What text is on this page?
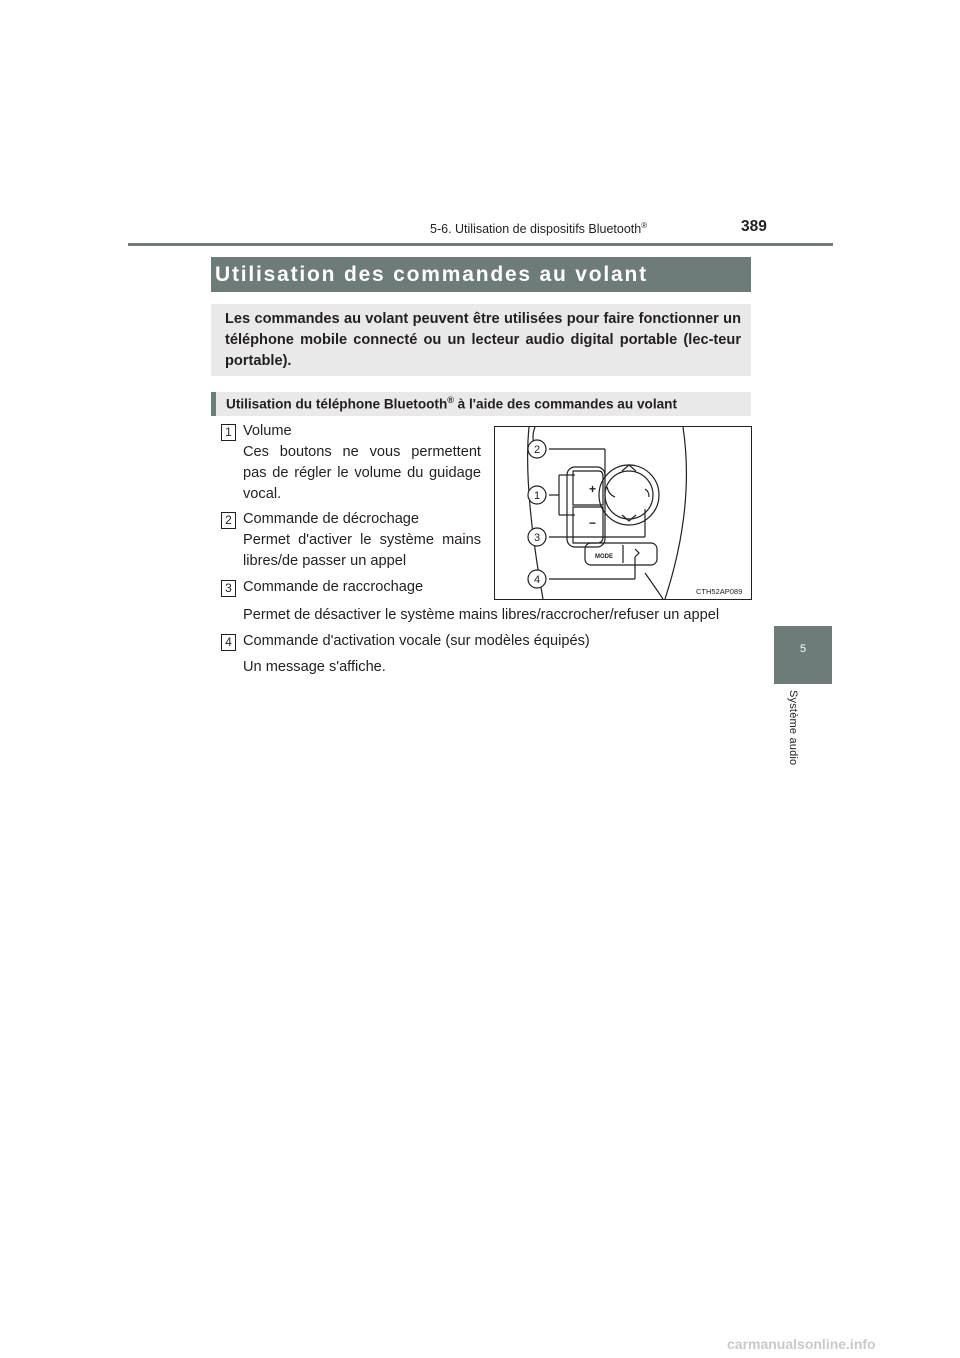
5-6. Utilisation de dispositifs Bluetooth®	389
5
Système audio
Utilisation des commandes au volant
Les commandes au volant peuvent être utilisées pour faire fonctionner un téléphone mobile connecté ou un lecteur audio digital portable (lec-teur portable).
Utilisation du téléphone Bluetooth® à l'aide des commandes au volant
1 Volume
Ces boutons ne vous permettent pas de régler le volume du guidage vocal.
2 Commande de décrochage
Permet d'activer le système mains libres/de passer un appel
3 Commande de raccrochage
Permet de désactiver le système mains libres/raccrocher/refuser un appel
4 Commande d'activation vocale (sur modèles équipés)
Un message s'affiche.
2
1
3
4
+
−
MODE
CTH52AP089
carmanualsonline.info
